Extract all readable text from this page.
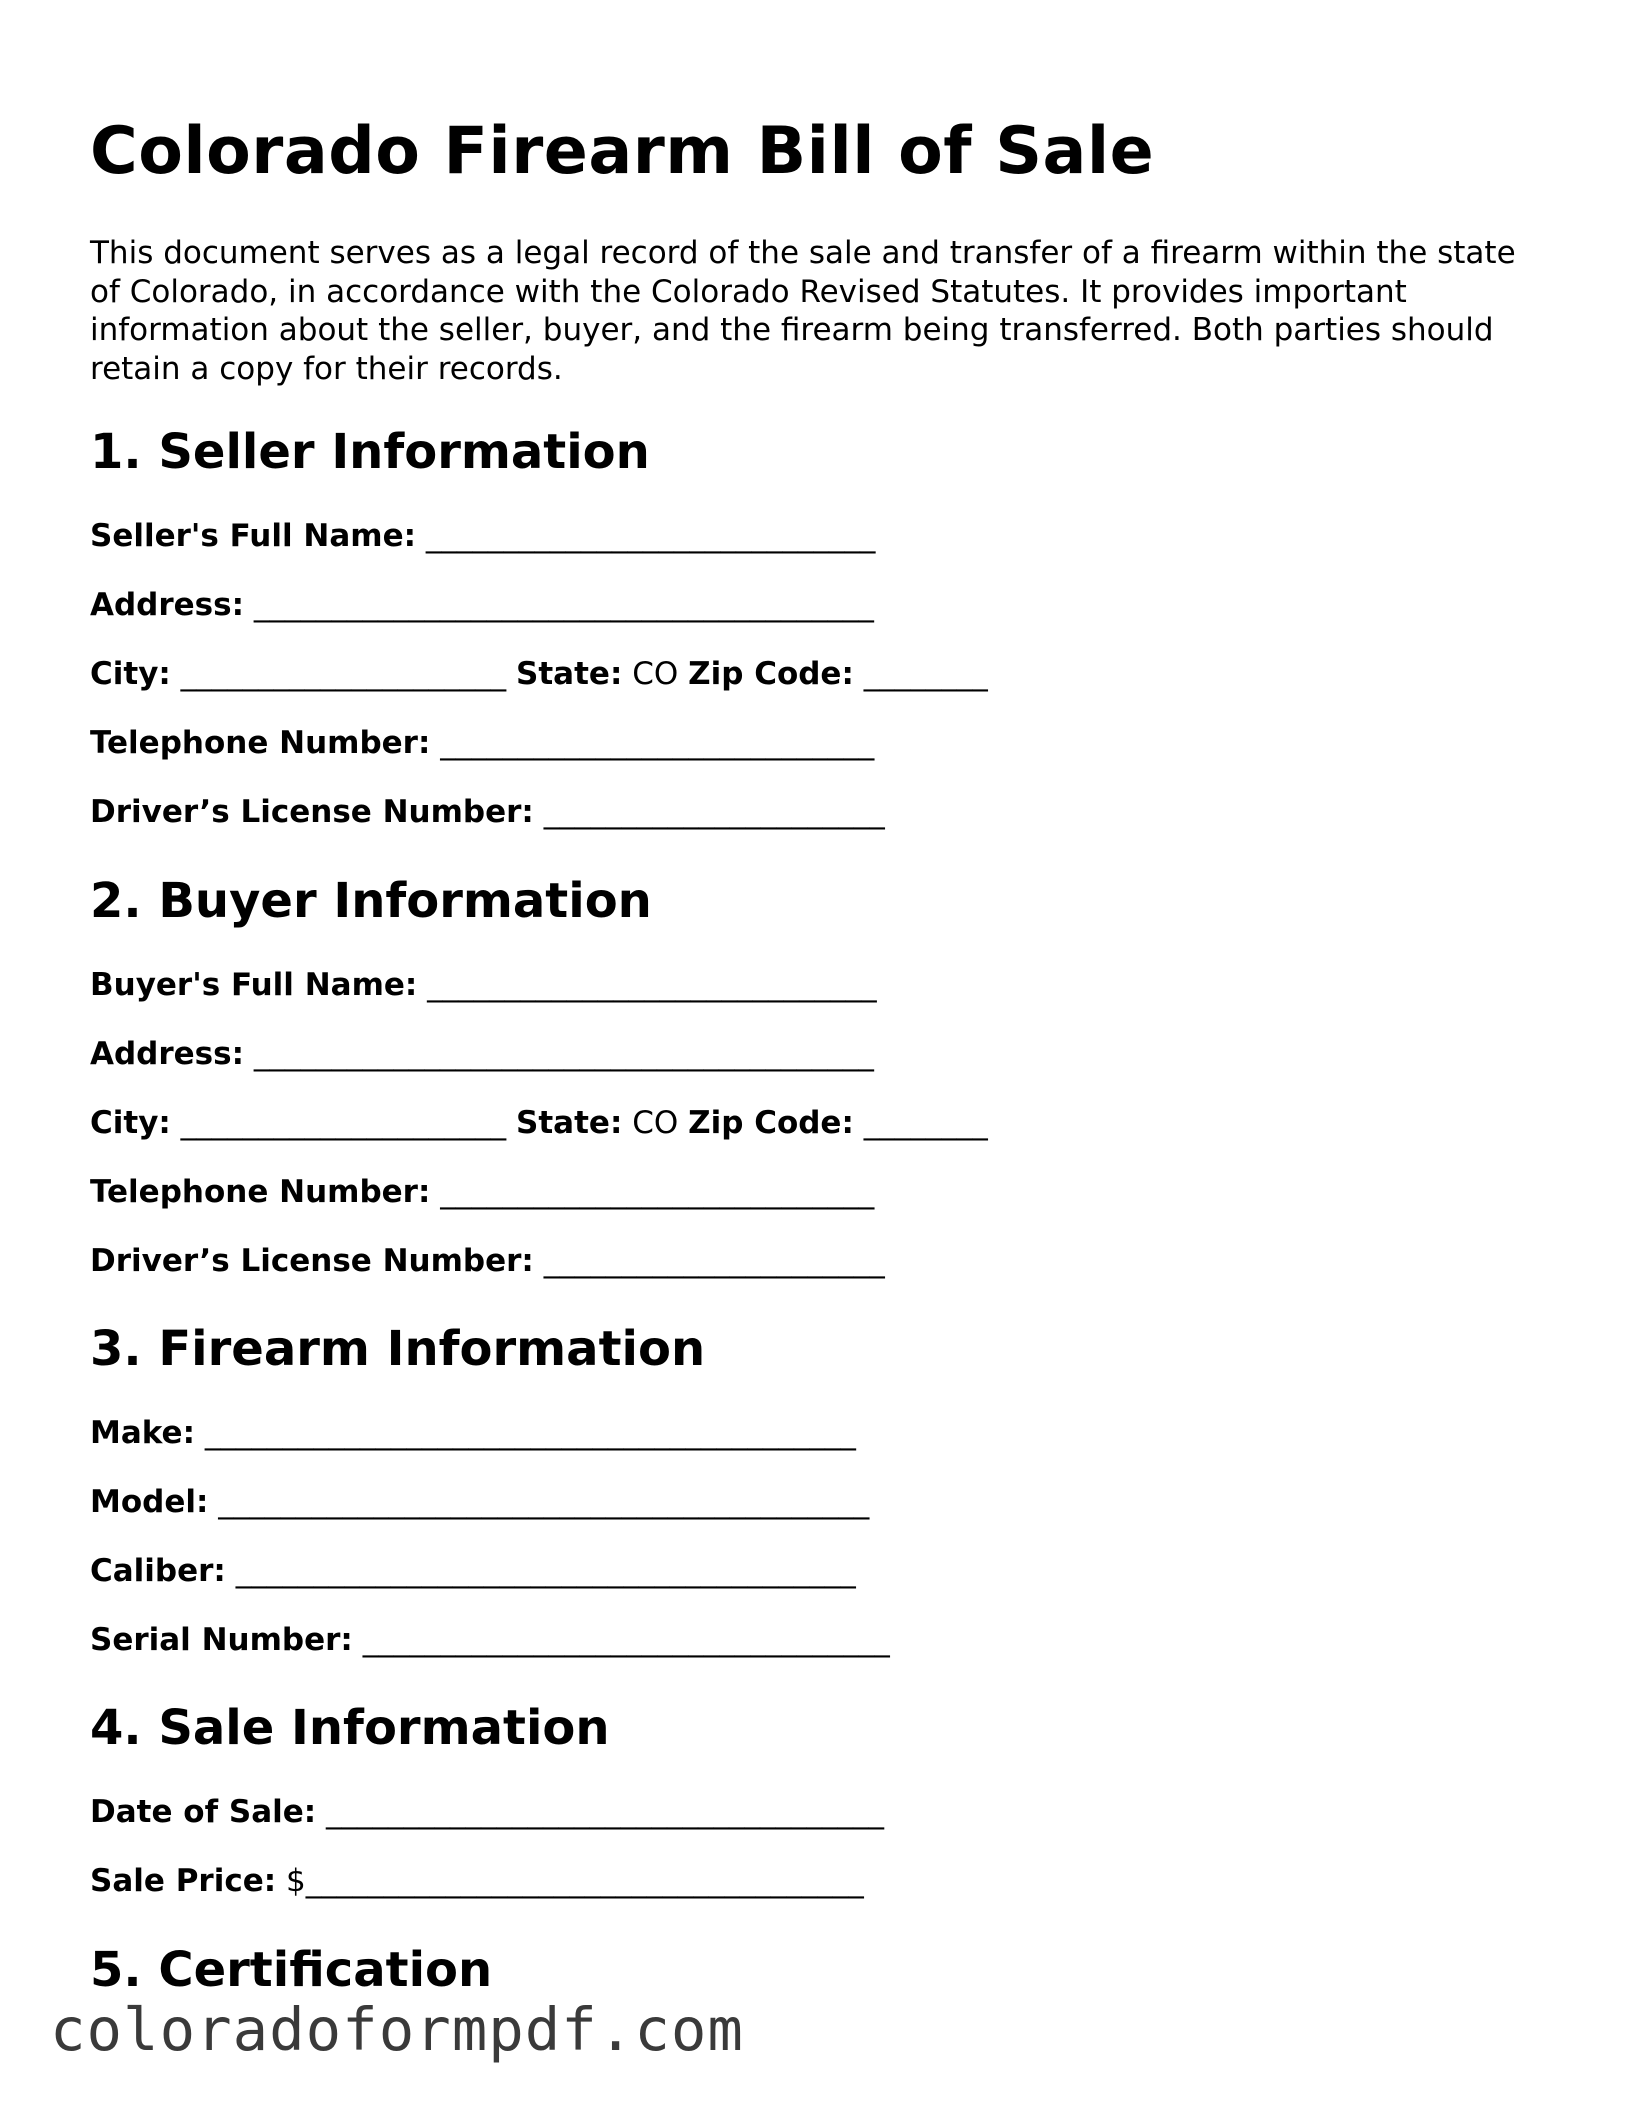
Colorado Firearm Bill of Sale

This document serves as a legal record of the sale and transfer of a firearm within the state of Colorado, in accordance with the Colorado Revised Statutes. It provides important information about the seller, buyer, and the firearm being transferred. Both parties should retain a copy for their records.

1. Seller Information
Seller's Full Name: _____________________________
Address: ________________________________________
City: _____________________ State: CO Zip Code: ________
Telephone Number: ____________________________
Driver’s License Number: ______________________
2. Buyer Information
Buyer's Full Name: _____________________________
Address: ________________________________________
City: _____________________ State: CO Zip Code: ________
Telephone Number: ____________________________
Driver’s License Number: ______________________
3. Firearm Information
Make: __________________________________________
Model: __________________________________________
Caliber: ________________________________________
Serial Number: __________________________________
4. Sale Information
Date of Sale: ____________________________________
Sale Price: $____________________________________
5. Certification
coloradoformpdf.com
